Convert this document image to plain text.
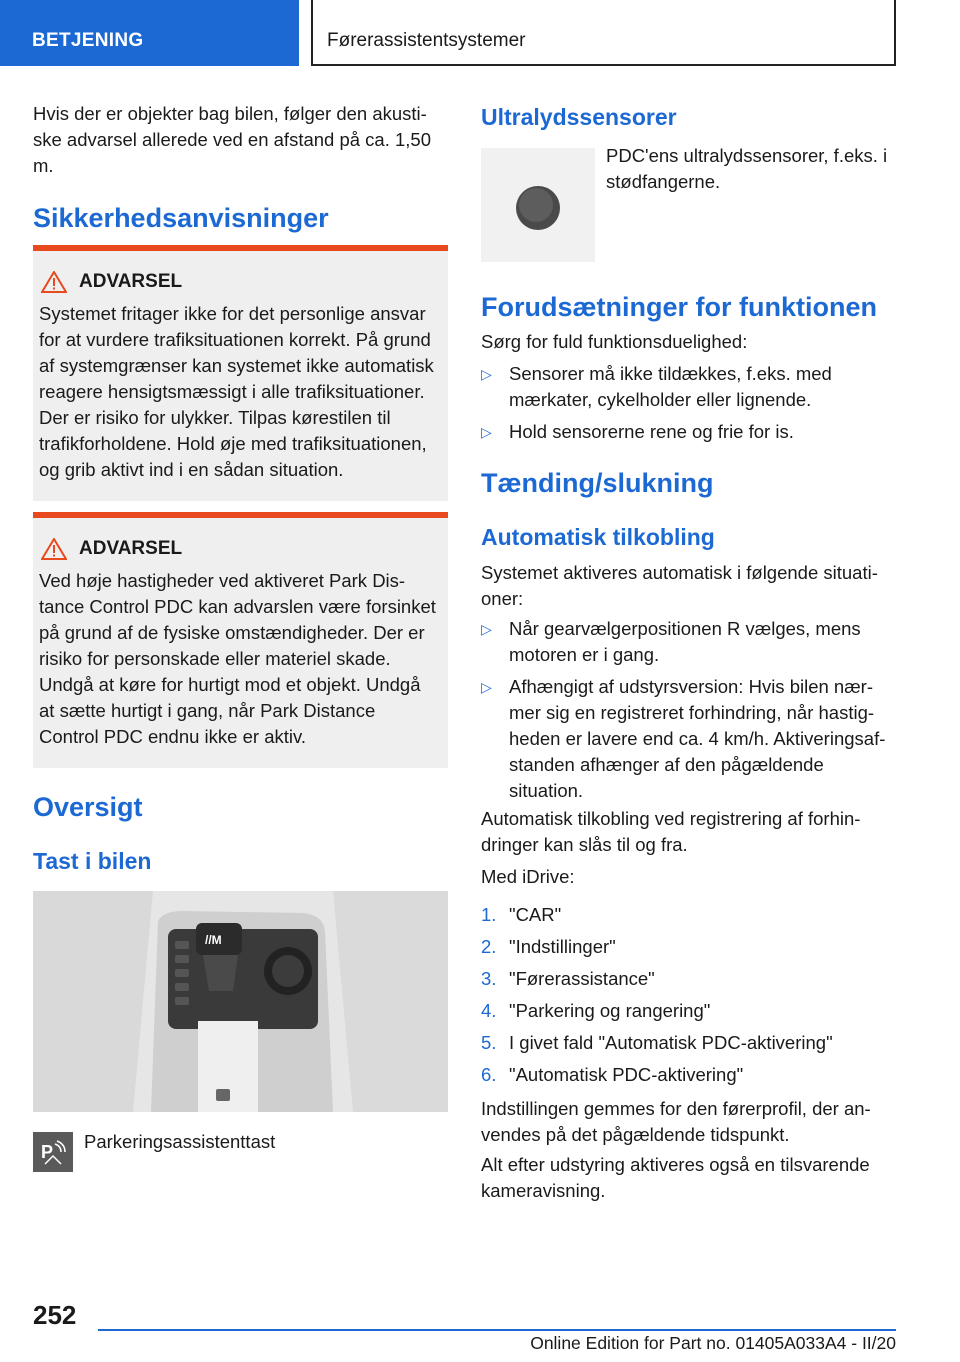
BETJENING	Førerassistentsystemer

Hvis der er objekter bag bilen, følger den akustiske advarsel allerede ved en afstand på ca. 1,50 m.

Sikkerhedsanvisninger
ADVARSEL

Systemet fritager ikke for det personlige ansvar for at vurdere trafiksituationen korrekt. På grund af systemgrænser kan systemet ikke automatisk reagere hensigtsmæssigt i alle trafiksituationer. Der er risiko for ulykker. Tilpas kørestilen til trafikforholdene. Hold øje med trafiksituationen, og grib aktivt ind i en sådan situation.

ADVARSEL

Ved høje hastigheder ved aktiveret Park Distance Control PDC kan advarslen være forsinket på grund af de fysiske omstændigheder. Der er risiko for personskade eller materiel skade. Undgå at køre for hurtigt mod et objekt. Undgå at sætte hurtigt i gang, når Park Distance Control PDC endnu ikke er aktiv.

Oversigt
Tast i bilen
//M
P Parkeringsassistenttast

Ultralydssensorer

PDC'ens ultralydssensorer, f.eks. i stødfangerne.

Forudsætninger for funktionen

Sørg for fuld funktionsduelighed:

▷ Sensorer må ikke tildækkes, f.eks. med mærkater, cykelholder eller lignende.
▷ Hold sensorerne rene og frie for is.
Tænding/slukning
Automatisk tilkobling

Systemet aktiveres automatisk i følgende situationer:

▷ Når gearvælgerpositionen R vælges, mens motoren er i gang.
▷ Afhængigt af udstyrsversion: Hvis bilen nærmer sig en registreret forhindring, når hastigheden er lavere end ca. 4 km/h. Aktiveringsafstanden afhænger af den pågældende situation.

Automatisk tilkobling ved registrering af forhindringer kan slås til og fra.

Med iDrive:

1. "CAR"
2. "Indstillinger"
3. "Førerassistance"
4. "Parkering og rangering"
5. I givet fald "Automatisk PDC-aktivering"
6. "Automatisk PDC-aktivering"

Indstillingen gemmes for den førerprofil, der anvendes på det pågældende tidspunkt.

Alt efter udstyring aktiveres også en tilsvarende kameravisning.

252
Online Edition for Part no. 01405A033A4 - II/20
